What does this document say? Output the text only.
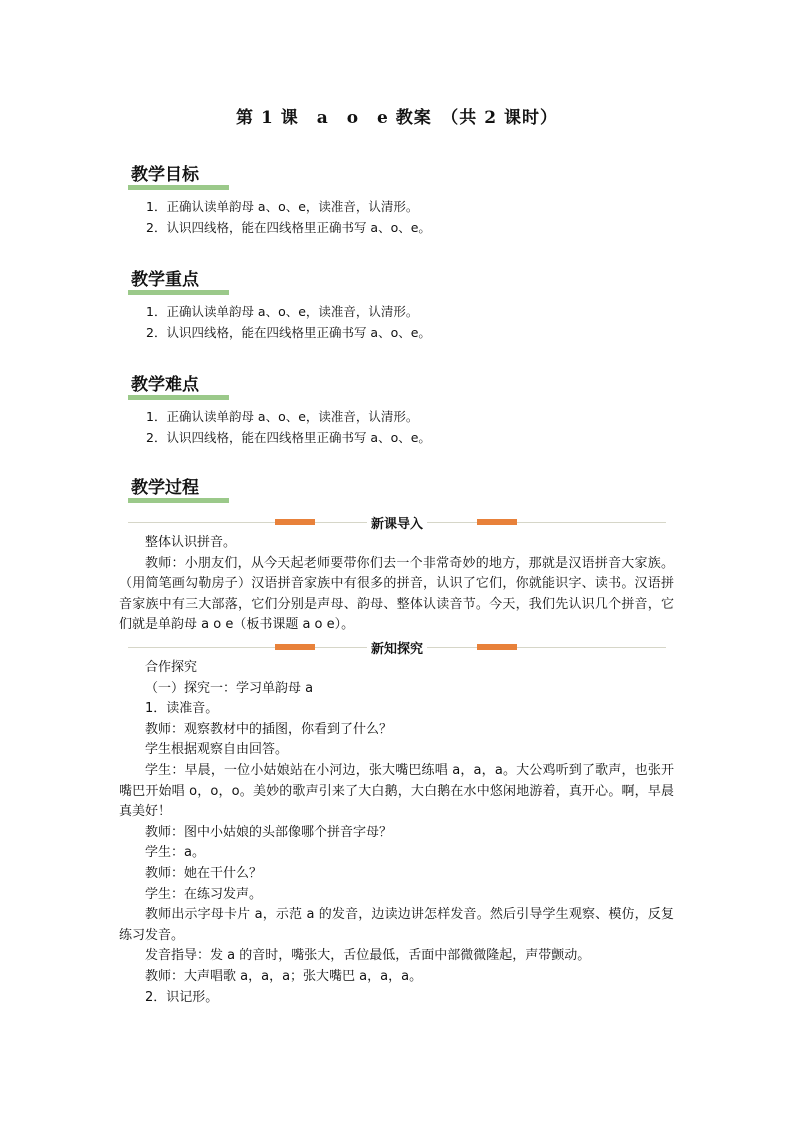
第 1 课　a　o　e 教案　（共 2 课时）
教学目标
1．正确认读单韵母 a、o、e，读准音，认清形。
2．认识四线格，能在四线格里正确书写 a、o、e。
教学重点
1．正确认读单韵母 a、o、e，读准音，认清形。
2．认识四线格，能在四线格里正确书写 a、o、e。
教学难点
1．正确认读单韵母 a、o、e，读准音，认清形。
2．认识四线格，能在四线格里正确书写 a、o、e。
教学过程
新课导入

整体认识拼音。

教师：小朋友们，从今天起老师要带你们去一个非常奇妙的地方，那就是汉语拼音大家族。（用简笔画勾勒房子）汉语拼音家族中有很多的拼音，认识了它们，你就能识字、读书。汉语拼音家族中有三大部落，它们分别是声母、韵母、整体认读音节。今天，我们先认识几个拼音，它们就是单韵母 a o e（板书课题 a o e）。

新知探究

合作探究

（一）探究一：学习单韵母 a

1．读准音。

教师：观察教材中的插图，你看到了什么？

学生根据观察自由回答。

学生：早晨，一位小姑娘站在小河边，张大嘴巴练唱 a，a，a。大公鸡听到了歌声，也张开嘴巴开始唱 o，o，o。美妙的歌声引来了大白鹅，大白鹅在水中悠闲地游着，真开心。啊，早晨真美好！

教师：图中小姑娘的头部像哪个拼音字母？

学生：a。

教师：她在干什么？

学生：在练习发声。

教师出示字母卡片 a，示范 a 的发音，边读边讲怎样发音。然后引导学生观察、模仿，反复练习发音。

发音指导：发 a 的音时，嘴张大，舌位最低，舌面中部微微隆起，声带颤动。

教师：大声唱歌 a，a，a；张大嘴巴 a，a，a。

2．识记形。
